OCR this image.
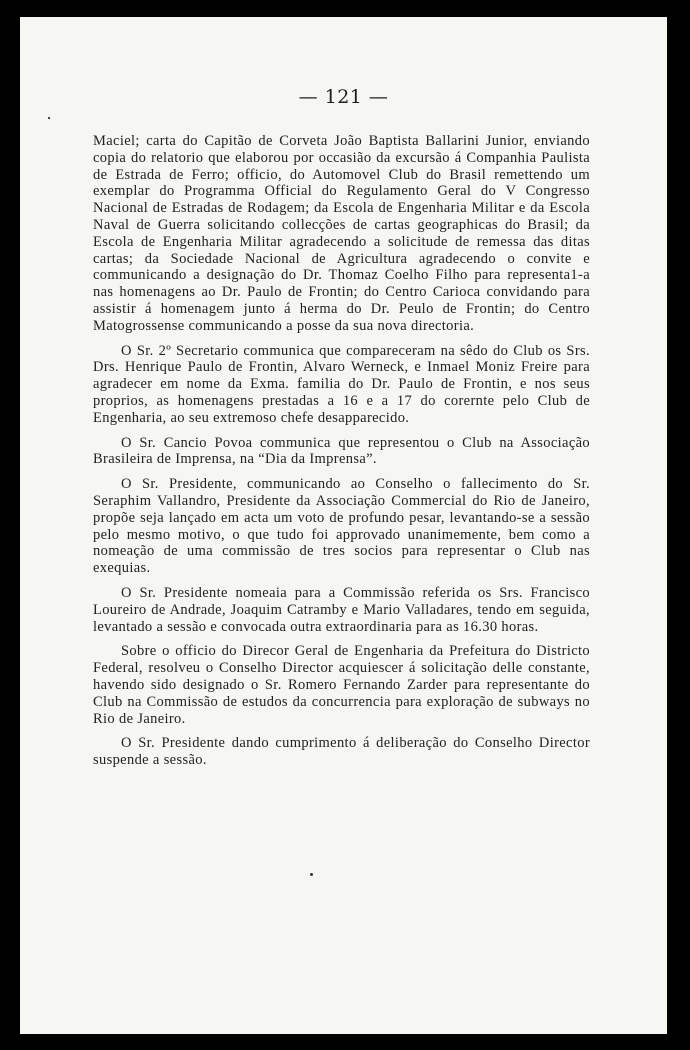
— 121 —

Maciel; carta do Capitão de Corveta João Baptista Ballarini Junior, enviando copia do relatorio que elaborou por occasião da excursão á Companhia Paulista de Estrada de Ferro; officio, do Automovel Club do Brasil remettendo um exemplar do Programma Official do Regulamento Geral do V Congresso Nacional de Estradas de Rodagem; da Escola de Engenharia Militar e da Escola Naval de Guerra solicitando collecções de cartas geographicas do Brasil; da Escola de Engenharia Militar agradecendo a solicitude de remessa das ditas cartas; da Sociedade Nacional de Agricultura agradecendo o convite e communicando a designação do Dr. Thomaz Coelho Filho para representa1-a nas homenagens ao Dr. Paulo de Frontin; do Centro Carioca convidando para assistir á homenagem junto á herma do Dr. Peulo de Frontin; do Centro Matogrossense communicando a posse da sua nova directoria.

O Sr. 2º Secretario communica que compareceram na sêdo do Club os Srs. Drs. Henrique Paulo de Frontin, Alvaro Werneck, e Inmael Moniz Freire para agradecer em nome da Exma. familia do Dr. Paulo de Frontin, e nos seus proprios, as homenagens prestadas a 16 e a 17 do corernte pelo Club de Engenharia, ao seu extremoso chefe desapparecido.

O Sr. Cancio Povoa communica que representou o Club na Associação Brasileira de Imprensa, na “Dia da Imprensa”.

O Sr. Presidente, communicando ao Conselho o fallecimento do Sr. Seraphim Vallandro, Presidente da Associação Commercial do Rio de Janeiro, propõe seja lançado em acta um voto de profundo pesar, levantando-se a sessão pelo mesmo motivo, o que tudo foi approvado unanimemente, bem como a nomeação de uma commissão de tres socios para representar o Club nas exequias.

O Sr. Presidente nomeaia para a Commissão referida os Srs. Francisco Loureiro de Andrade, Joaquim Catramby e Mario Valladares, tendo em seguida, levantado a sessão e convocada outra extraordinaria para as 16.30 horas.

Sobre o officio do Direcor Geral de Engenharia da Prefeitura do Districto Federal, resolveu o Conselho Director acquiescer á solicitação delle constante, havendo sido designado o Sr. Romero Fernando Zarder para representante do Club na Commissão de estudos da concurrencia para exploração de subways no Rio de Janeiro.

O Sr. Presidente dando cumprimento á deliberação do Conselho Director suspende a sessão.
